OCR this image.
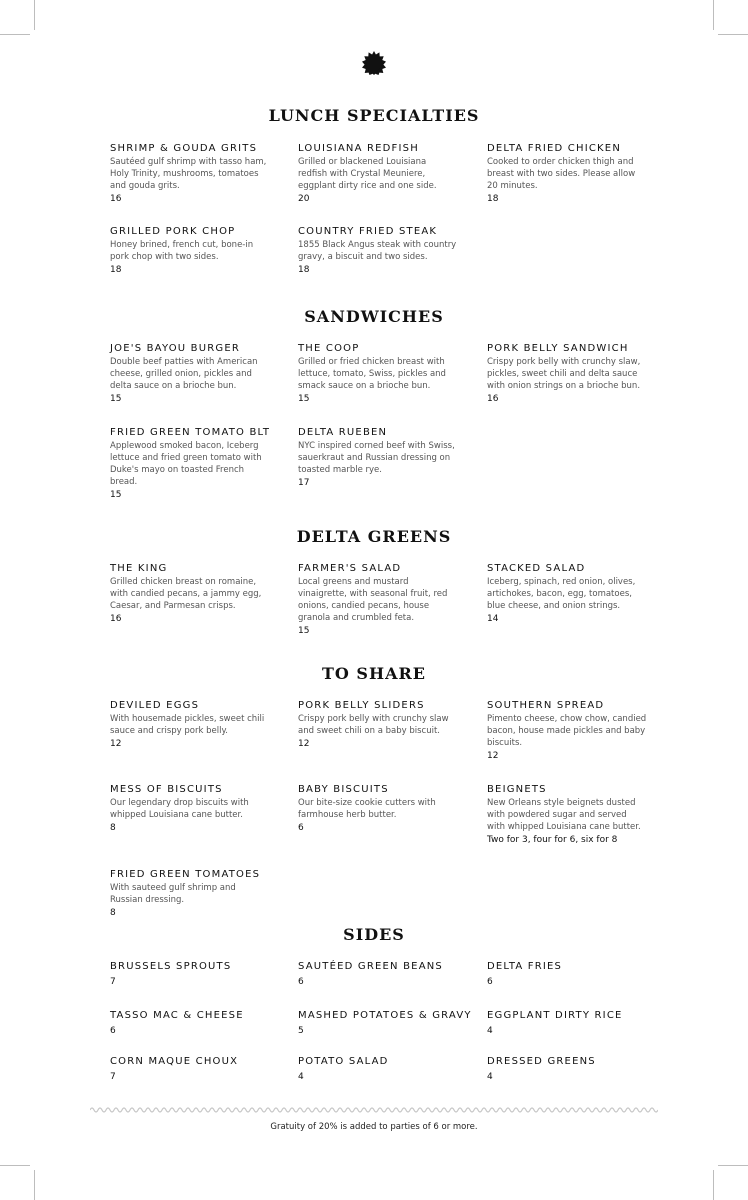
LUNCH SPECIALTIES
SHRIMP & GOUDA GRITS
Sautéed gulf shrimp with tasso ham, Holy Trinity, mushrooms, tomatoes and gouda grits.
16
LOUISIANA REDFISH
Grilled or blackened Louisiana redfish with Crystal Meuniere, eggplant dirty rice and one side.
20
DELTA FRIED CHICKEN
Cooked to order chicken thigh and breast with two sides. Please allow 20 minutes.
18
GRILLED PORK CHOP
Honey brined, french cut, bone-in pork chop with two sides.
18
COUNTRY FRIED STEAK
1855 Black Angus steak with country gravy, a biscuit and two sides.
18
SANDWICHES
JOE'S BAYOU BURGER
Double beef patties with American cheese, grilled onion, pickles and delta sauce on a brioche bun.
15
THE COOP
Grilled or fried chicken breast with lettuce, tomato, Swiss, pickles and smack sauce on a brioche bun.
15
PORK BELLY SANDWICH
Crispy pork belly with crunchy slaw, pickles, sweet chili and delta sauce with onion strings on a brioche bun.
16
FRIED GREEN TOMATO BLT
Applewood smoked bacon, Iceberg lettuce and fried green tomato with Duke's mayo on toasted French bread.
15
DELTA RUEBEN
NYC inspired corned beef with Swiss, sauerkraut and Russian dressing on toasted marble rye.
17
DELTA GREENS
THE KING
Grilled chicken breast on romaine, with candied pecans, a jammy egg, Caesar, and Parmesan crisps.
16
FARMER'S SALAD
Local greens and mustard vinaigrette, with seasonal fruit, red onions, candied pecans, house granola and crumbled feta.
15
STACKED SALAD
Iceberg, spinach, red onion, olives, artichokes, bacon, egg, tomatoes, blue cheese, and onion strings.
14
TO SHARE
DEVILED EGGS
With housemade pickles, sweet chili sauce and crispy pork belly.
12
PORK BELLY SLIDERS
Crispy pork belly with crunchy slaw and sweet chili on a baby biscuit.
12
SOUTHERN SPREAD
Pimento cheese, chow chow, candied bacon, house made pickles and baby biscuits.
12
MESS OF BISCUITS
Our legendary drop biscuits with whipped Louisiana cane butter.
8
BABY BISCUITS
Our bite-size cookie cutters with farmhouse herb butter.
6
BEIGNETS
New Orleans style beignets dusted with powdered sugar and served with whipped Louisiana cane butter.
Two for 3, four for 6, six for 8
FRIED GREEN TOMATOES
With sauteed gulf shrimp and Russian dressing.
8
SIDES
BRUSSELS SPROUTS
7
SAUTÉED GREEN BEANS
6
DELTA FRIES
6
TASSO MAC & CHEESE
6
MASHED POTATOES & GRAVY
5
EGGPLANT DIRTY RICE
4
CORN MAQUE CHOUX
7
POTATO SALAD
4
DRESSED GREENS
4
Gratuity of 20% is added to parties of 6 or more.
